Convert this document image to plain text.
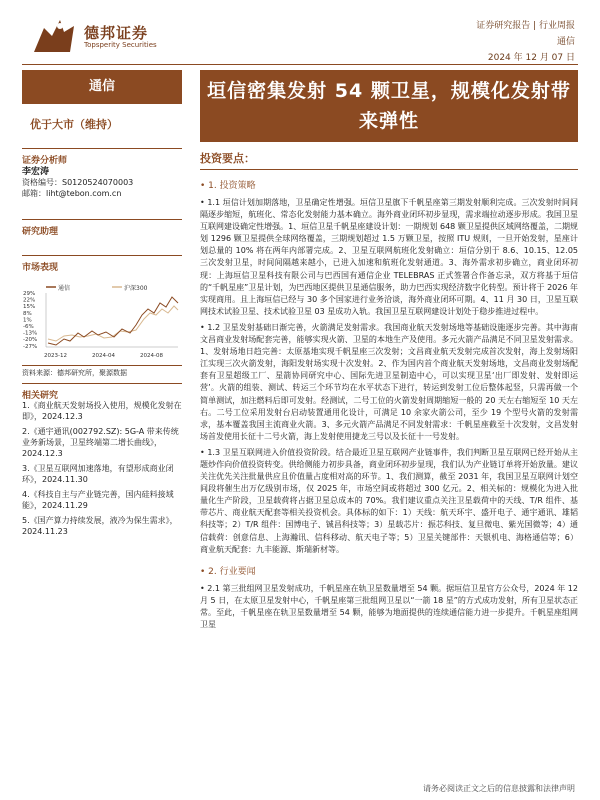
德邦证券
Topsperity Securities
证券研究报告 | 行业周报
通信
2024 年 12 月 07 日
通信
优于大市（维持）
证券分析师
李宏涛
资格编号：S0120524070003
邮箱：liht@tebon.com.cn
研究助理
市场表现
通信	沪深300
29%
22%
15%
8%
1%
-6%
-13%
-20%
-27%
2023-12	2024-04	2024-08
资料来源：德邦研究所，聚源数据
相关研究
1.《商业航天发射场投入使用，规模化发射在即》，2024.12.3
2.《通宇通讯(002792.SZ): 5G-A 带来传统业务新场景，卫星终端第二增长曲线》，2024.12.3
3.《卫星互联网加速落地，有望形成商业闭环》，2024.11.30
4.《科技自主与产业链完善，国内硅料接域能》，2024.11.29
5.《国产算力持续发展，液冷为保生需求》，2024.11.23
垣信密集发射 54 颗卫星，规模化发射带来弹性
投资要点：
• 1. 投资策略
• 1.1 垣信计划加期落地，卫星确定性增强。垣信卫星旗下千帆星座第三期发射顺利完成。三次发射时间间隔逐步缩短，航班化、常态化发射能力基本确立。海外商业闭环初步显现，需求端拉动逐步形成。我国卫星互联网建设确定性增强。1、垣信卫星千帆星座建设计划：一期规划 648 颗卫星提供区域网络覆盖，二期规划 1296 颗卫星提供全球网络覆盖，三期规划超过 1.5 万颗卫星，按照 ITU 规则，一旦开始发射，星座计划总量的 10% 将在两年内部署完成。2、卫星互联网航班化发射确立：垣信分别于 8.6、10.15、12.05 三次发射卫星，时间间隔越来越小，已进入加速和航班化发射通道。3、海外需求初步确立，商业闭环初现：上海垣信卫星科技有限公司与巴西国有通信企业 TELEBRAS 正式签署合作备忘录，双方将基于垣信的“千帆星座”卫星计划，为巴西地区提供卫星通信服务，助力巴西实现经济数字化转型。预计将于 2026 年实现商用。且上海垣信已经与 30 多个国家进行业务洽谈，海外商业闭环可期。4、11 月 30 日，卫星互联网技术试验卫星、技术试验卫星 03 星成功入轨。我国卫星互联网建设计划处于稳步推进过程中。
• 1.2 卫星发射基础日渐完善，火箭满足发射需求。我国商业航天发射场地等基础设施逐步完善。其中海南文昌商业发射场配套完善，能够实现火箭、卫星的本地生产及使用。多元火箭产品满足不同卫星发射需求。1、发射场地日趋完善：太原基地实现千帆星座三次发射；文昌商业航天发射完成首次发射，海上发射场阳江实现三次火箭发射，海阳发射场实现十次发射。2、作为国内首个商业航天发射场地，文昌商业发射场配套有卫星超级工厂、星箭协同研究中心、国际先进卫星制造中心，可以实现卫星‘出厂即发射、发射即运营’。火箭的组装、测试、转运三个环节均在水平状态下进行，转运到发射工位后整体起竖，只需再做一个简单测试，加注燃料后即可发射。经测试，二号工位的火箭发射周期缩短一般的 20 天左右缩短至 10 天左右。二号工位采用发射台启动装置通用化设计，可满足 10 余家火箭公司，至少 19 个型号火箭的发射需求，基本覆盖我国主流商业火箭。3、多元火箭产品满足不同发射需求：千帆星座截至十次发射，文昌发射场首发使用长征十二号火箭，海上发射使用捷龙三号以及长征十一号发射。
• 1.3 卫星互联网进入价值投资阶段。结合最近卫星互联网产业链事件，我们判断卫星互联网已经开始从主题炒作向价值投资转变。供给侧能力初步具备，商业闭环初步显现，我们认为产业链订单将开始放量。建议关注优先关注批量供应且价值量占度相对高的环节。1、我们测算，截至 2031 年，我国卫星互联网计划空间段将催生出万亿级别市场，仅 2025 年，市场空间或将超过 300 亿元。2、相关标的：规模化为进入批量化生产阶段，卫星载荷将占据卫星总成本的 70%。我们建议重点关注卫星载荷中的天线、T/R 组件、基带芯片、商业航天配套等相关投资机会。具体标的如下：1）天线：航天环宇、盛开电子、通宇通讯、雄韬科技等；2）T/R 组件：国博电子、铖昌科技等；3）星载芯片：振芯科技、复旦微电、紫光国微等；4）通信载荷：创意信息、上海瀚讯、信科移动、航天电子等；5）卫星关键部件：天银机电、海格通信等；6）商业航天配套：九丰能源、斯瑞新材等。
• 2. 行业要闻
• 2.1 第三批组网卫星发射成功，千帆星座在轨卫星数量增至 54 颗。据垣信卫星官方公众号，2024 年 12 月 5 日，在太原卫星发射中心，千帆星座第三批组网卫星以“一箭 18 星”的方式成功发射，所有卫星状态正常。至此，千帆星座在轨卫星数量增至 54 颗，能够为地面提供的连续通信能力进一步提升。千帆星座组网卫星
请务必阅读正文之后的信息披露和法律声明
